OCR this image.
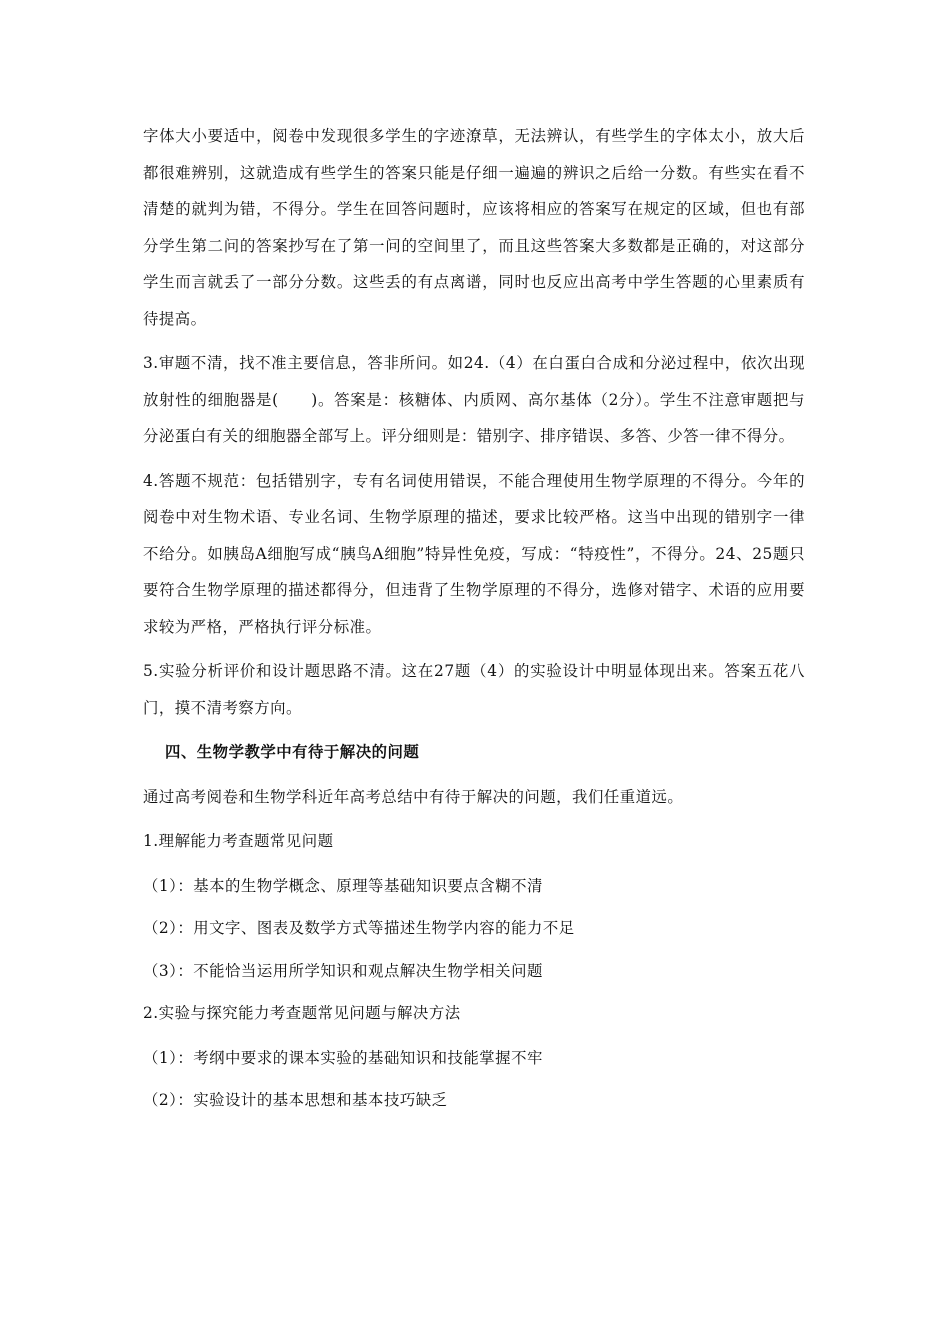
字体大小要适中，阅卷中发现很多学生的字迹潦草，无法辨认，有些学生的字体太小，放大后都很难辨别，这就造成有些学生的答案只能是仔细一遍遍的辨识之后给一分数。有些实在看不清楚的就判为错，不得分。学生在回答问题时，应该将相应的答案写在规定的区域，但也有部分学生第二问的答案抄写在了第一问的空间里了，而且这些答案大多数都是正确的，对这部分学生而言就丢了一部分分数。这些丢的有点离谱，同时也反应出高考中学生答题的心里素质有待提高。

3.审题不清，找不准主要信息，答非所问。如24.（4）在白蛋白合成和分泌过程中，依次出现放射性的细胞器是(　　)。答案是：核糖体、内质网、高尔基体（2分）。学生不注意审题把与分泌蛋白有关的细胞器全部写上。评分细则是：错别字、排序错误、多答、少答一律不得分。

4.答题不规范：包括错别字，专有名词使用错误，不能合理使用生物学原理的不得分。今年的阅卷中对生物术语、专业名词、生物学原理的描述，要求比较严格。这当中出现的错别字一律不给分。如胰岛A细胞写成“胰鸟A细胞”特异性免疫，写成：“特疫性”，不得分。24、25题只要符合生物学原理的描述都得分，但违背了生物学原理的不得分，选修对错字、术语的应用要求较为严格，严格执行评分标准。

5.实验分析评价和设计题思路不清。这在27题（4）的实验设计中明显体现出来。答案五花八门，摸不清考察方向。

四、生物学教学中有待于解决的问题

通过高考阅卷和生物学科近年高考总结中有待于解决的问题，我们任重道远。

1.理解能力考查题常见问题

（1）：基本的生物学概念、原理等基础知识要点含糊不清

（2）：用文字、图表及数学方式等描述生物学内容的能力不足

（3）：不能恰当运用所学知识和观点解决生物学相关问题

2.实验与探究能力考查题常见问题与解决方法

（1）：考纲中要求的课本实验的基础知识和技能掌握不牢

（2）：实验设计的基本思想和基本技巧缺乏
